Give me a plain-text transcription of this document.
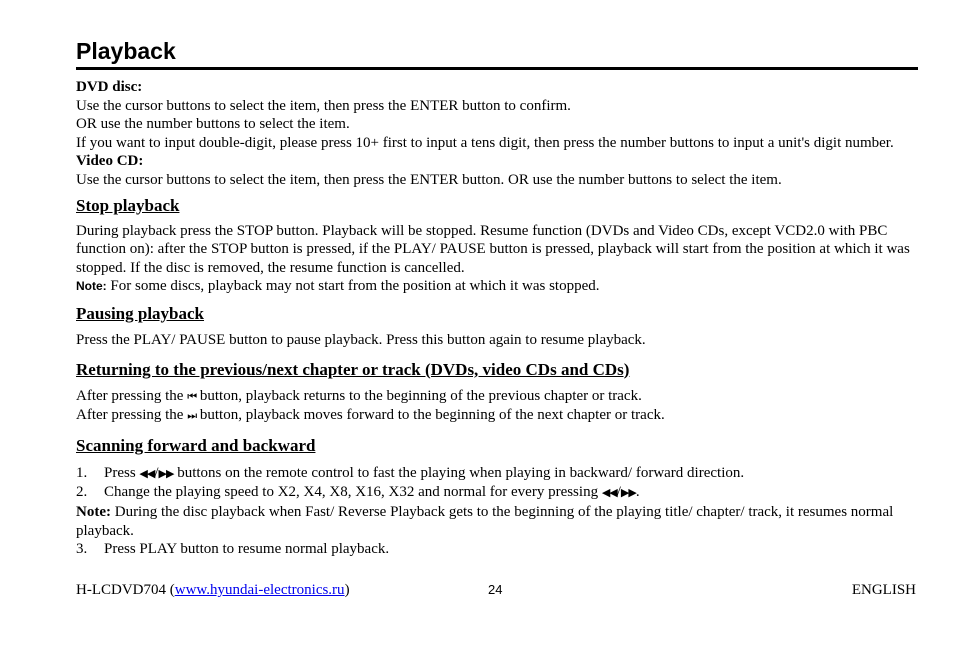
Playback

DVD disc:

Use the cursor buttons to select the item, then press the ENTER button to confirm.

OR use the number buttons to select the item.

If you want to input double-digit, please press 10+ first to input a tens digit, then press the number buttons to input a unit's digit number.

Video CD:

Use the cursor buttons to select the item, then press the ENTER button. OR use the number buttons to select the item.

Stop playback

During playback press the STOP button. Playback will be stopped. Resume function (DVDs and Video CDs, except VCD2.0 with PBC function on): after the STOP button is pressed, if the PLAY/ PAUSE button is pressed, playback will start from the position at which it was stopped. If the disc is removed, the resume function is cancelled.

Note: For some discs, playback may not start from the position at which it was stopped.

Pausing playback

Press the PLAY/ PAUSE button to pause playback. Press this button again to resume playback.

Returning to the previous/next chapter or track (DVDs, video CDs and CDs)

After pressing the ⏮ button, playback returns to the beginning of the previous chapter or track.

After pressing the ⏭ button, playback moves forward to the beginning of the next chapter or track.

Scanning forward and backward
1.	Press ◀◀/▶▶ buttons on the remote control to fast the playing when playing in backward/ forward direction.
2.	Change the playing speed to X2, X4, X8, X16, X32 and normal for every pressing ◀◀/▶▶.

Note: During the disc playback when Fast/ Reverse Playback gets to the beginning of the playing title/ chapter/ track, it resumes normal playback.

3.	Press PLAY button to resume normal playback.
H-LCDVD704 (www.hyundai-electronics.ru)	24	ENGLISH
